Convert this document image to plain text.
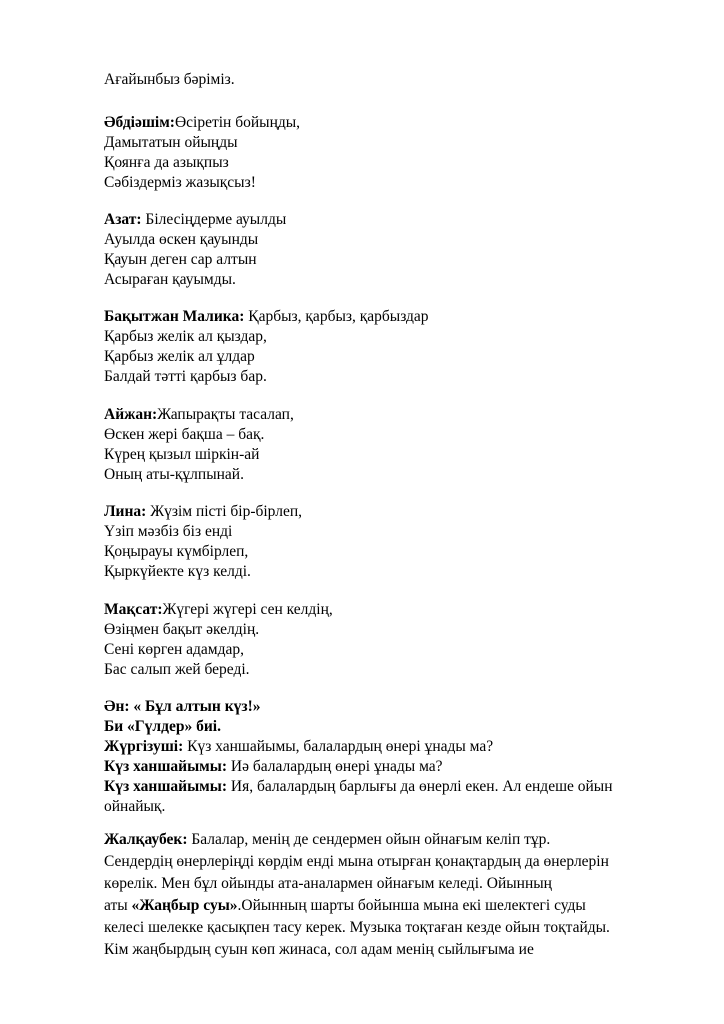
Ағайынбыз бәріміз.
Әбдіәшім:Өсіретін бойыңды,
Дамытатын ойыңды
Қоянға да азықпыз
Сәбіздерміз жазықсыз!
Азат: Білесіңдерме ауылды
Ауылда өскен қауынды
Қауын деген сар алтын
Асыраған қауымды.
Бақытжан Малика: Қарбыз, қарбыз, қарбыздар
Қарбыз желік ал қыздар,
Қарбыз желік ал ұлдар
Балдай тәтті қарбыз бар.
Айжан:Жапырақты тасалап,
Өскен жері бақша – бақ.
Күрең қызыл шіркін-ай
Оның аты-құлпынай.
Лина: Жүзім пісті бір-бірлеп,
Үзіп мәзбіз біз енді
Қоңырауы күмбірлеп,
Қыркүйекте күз келді.
Мақсат:Жүгері жүгері сен келдің,
Өзіңмен бақыт әкелдің.
Сені көрген адамдар,
Бас салып жей береді.
Ән: « Бұл алтын күз!»
Би «Гүлдер» биі.
Жүргізуші: Күз ханшайымы, балалардың өнері ұнады ма?
Күз ханшайымы: Иә балалардың өнері ұнады ма?
Күз ханшайымы: Ия, балалардың барлығы да өнерлі екен. Ал ендеше ойын
ойнайық.
Жалқаубек: Балалар, менің де сендермен ойын ойнағым келіп тұр.
Сендердің өнерлеріңді көрдім енді мына отырған қонақтардың да өнерлерін
көрелік. Мен бұл ойынды ата-аналармен ойнағым келеді. Ойынның
аты «Жаңбыр суы».Ойынның шарты бойынша мына екі шелектегі суды
келесі шелекке қасықпен тасу керек. Музыка тоқтаған кезде ойын тоқтайды.
Кім жаңбырдың суын көп жинаса, сол адам менің сыйлығыма ие
